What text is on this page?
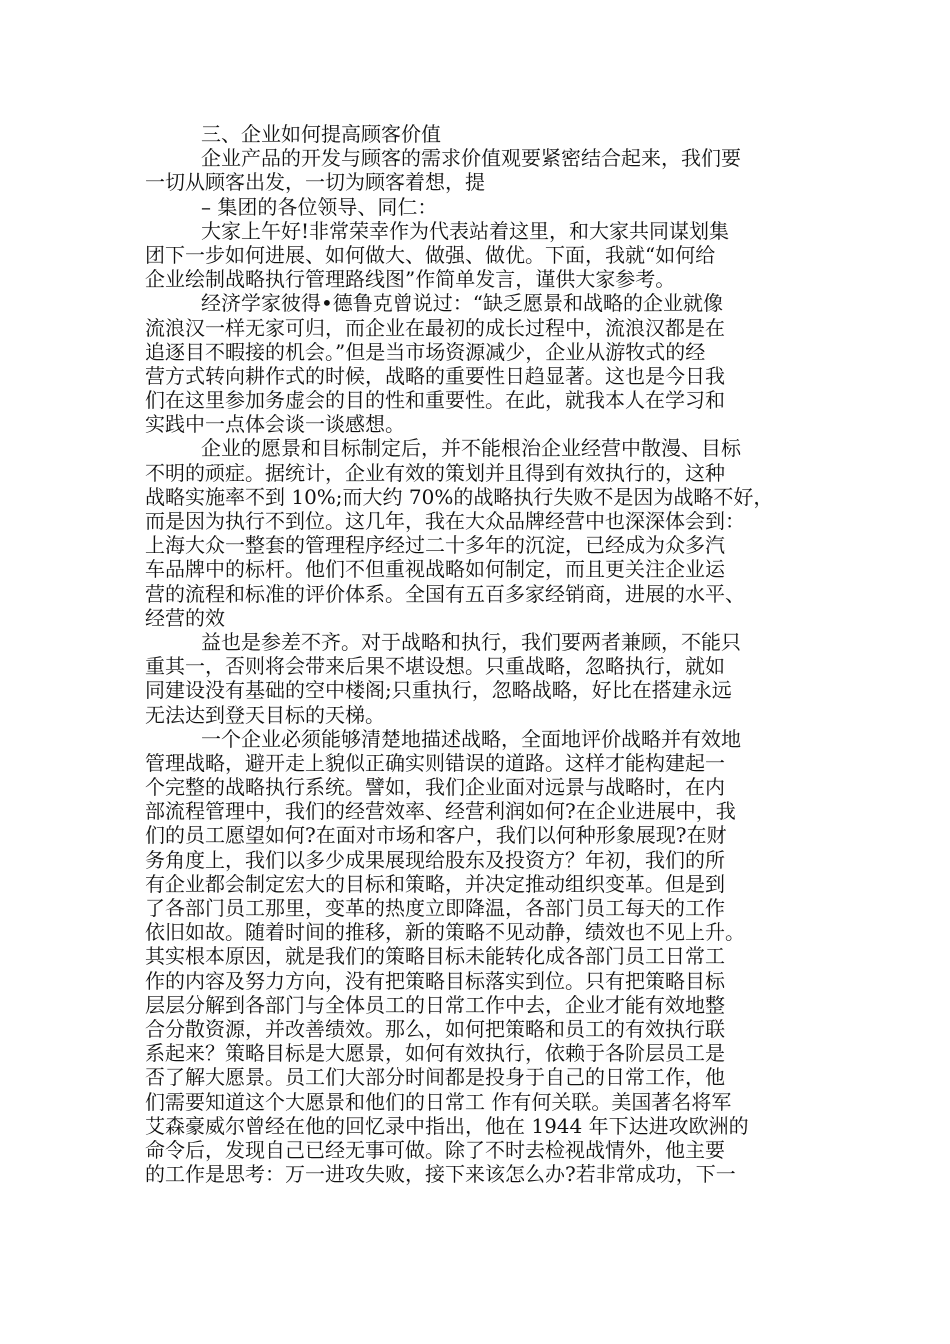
三、企业如何提高顾客价值
企业产品的开发与顾客的需求价值观要紧密结合起来，我们要
一切从顾客出发，一切为顾客着想，提
– 集团的各位领导、同仁：
大家上午好!非常荣幸作为代表站着这里，和大家共同谋划集
团下一步如何进展、如何做大、做强、做优。下面，我就“如何给
企业绘制战略执行管理路线图”作简单发言，谨供大家参考。
经济学家彼得•德鲁克曾说过：“缺乏愿景和战略的企业就像
流浪汉一样无家可归，而企业在最初的成长过程中，流浪汉都是在
追逐目不暇接的机会。”但是当市场资源减少，企业从游牧式的经
营方式转向耕作式的时候，战略的重要性日趋显著。这也是今日我
们在这里参加务虚会的目的性和重要性。在此，就我本人在学习和
实践中一点体会谈一谈感想。
企业的愿景和目标制定后，并不能根治企业经营中散漫、目标
不明的顽症。据统计，企业有效的策划并且得到有效执行的，这种
战略实施率不到 10%;而大约 70%的战略执行失败不是因为战略不好，
而是因为执行不到位。这几年，我在大众品牌经营中也深深体会到：
上海大众一整套的管理程序经过二十多年的沉淀，已经成为众多汽
车品牌中的标杆。他们不但重视战略如何制定，而且更关注企业运
营的流程和标准的评价体系。全国有五百多家经销商，进展的水平、
经营的效
益也是参差不齐。对于战略和执行，我们要两者兼顾，不能只
重其一，否则将会带来后果不堪设想。只重战略，忽略执行，就如
同建设没有基础的空中楼阁;只重执行，忽略战略，好比在搭建永远
无法达到登天目标的天梯。
一个企业必须能够清楚地描述战略，全面地评价战略并有效地
管理战略，避开走上貌似正确实则错误的道路。这样才能构建起一
个完整的战略执行系统。譬如，我们企业面对远景与战略时，在内
部流程管理中，我们的经营效率、经营利润如何?在企业进展中，我
们的员工愿望如何?在面对市场和客户，我们以何种形象展现?在财
务角度上，我们以多少成果展现给股东及投资方？年初，我们的所
有企业都会制定宏大的目标和策略，并决定推动组织变革。但是到
了各部门员工那里，变革的热度立即降温，各部门员工每天的工作
依旧如故。随着时间的推移，新的策略不见动静，绩效也不见上升。
其实根本原因，就是我们的策略目标未能转化成各部门员工日常工
作的内容及努力方向，没有把策略目标落实到位。只有把策略目标
层层分解到各部门与全体员工的日常工作中去，企业才能有效地整
合分散资源，并改善绩效。那么，如何把策略和员工的有效执行联
系起来？策略目标是大愿景，如何有效执行，依赖于各阶层员工是
否了解大愿景。员工们大部分时间都是投身于自己的日常工作，他
们需要知道这个大愿景和他们的日常工 作有何关联。美国著名将军
艾森豪威尔曾经在他的回忆录中指出，他在 1944 年下达进攻欧洲的
命令后，发现自己已经无事可做。除了不时去检视战情外，他主要
的工作是思考：万一进攻失败，接下来该怎么办?若非常成功，下一
